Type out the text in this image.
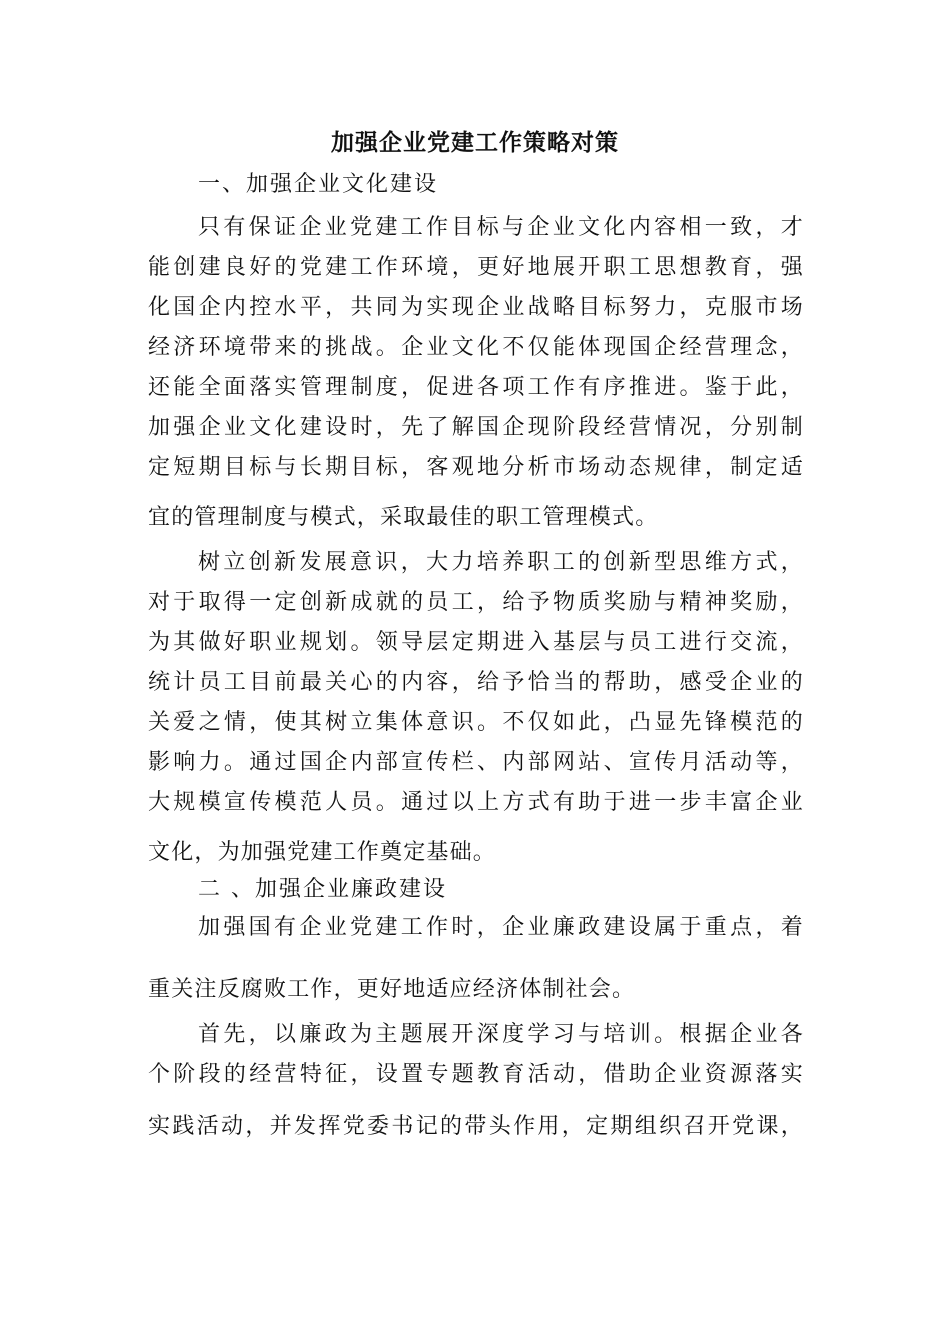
加强企业党建工作策略对策
一、加强企业文化建设

只有保证企业党建工作目标与企业文化内容相一致，才
能创建良好的党建工作环境，更好地展开职工思想教育，强
化国企内控水平，共同为实现企业战略目标努力，克服市场
经济环境带来的挑战。企业文化不仅能体现国企经营理念，
还能全面落实管理制度，促进各项工作有序推进。鉴于此，
加强企业文化建设时，先了解国企现阶段经营情况，分别制
定短期目标与长期目标，客观地分析市场动态规律，制定适
宜的管理制度与模式，采取最佳的职工管理模式。

树立创新发展意识，大力培养职工的创新型思维方式，
对于取得一定创新成就的员工，给予物质奖励与精神奖励，
为其做好职业规划。领导层定期进入基层与员工进行交流，
统计员工目前最关心的内容，给予恰当的帮助，感受企业的
关爱之情，使其树立集体意识。不仅如此，凸显先锋模范的
影响力。通过国企内部宣传栏、内部网站、宣传月活动等，
大规模宣传模范人员。通过以上方式有助于进一步丰富企业
文化，为加强党建工作奠定基础。

二 、加强企业廉政建设

加强国有企业党建工作时，企业廉政建设属于重点，着
重关注反腐败工作，更好地适应经济体制社会。

首先，以廉政为主题展开深度学习与培训。根据企业各
个阶段的经营特征，设置专题教育活动，借助企业资源落实
实践活动，并发挥党委书记的带头作用，定期组织召开党课，
